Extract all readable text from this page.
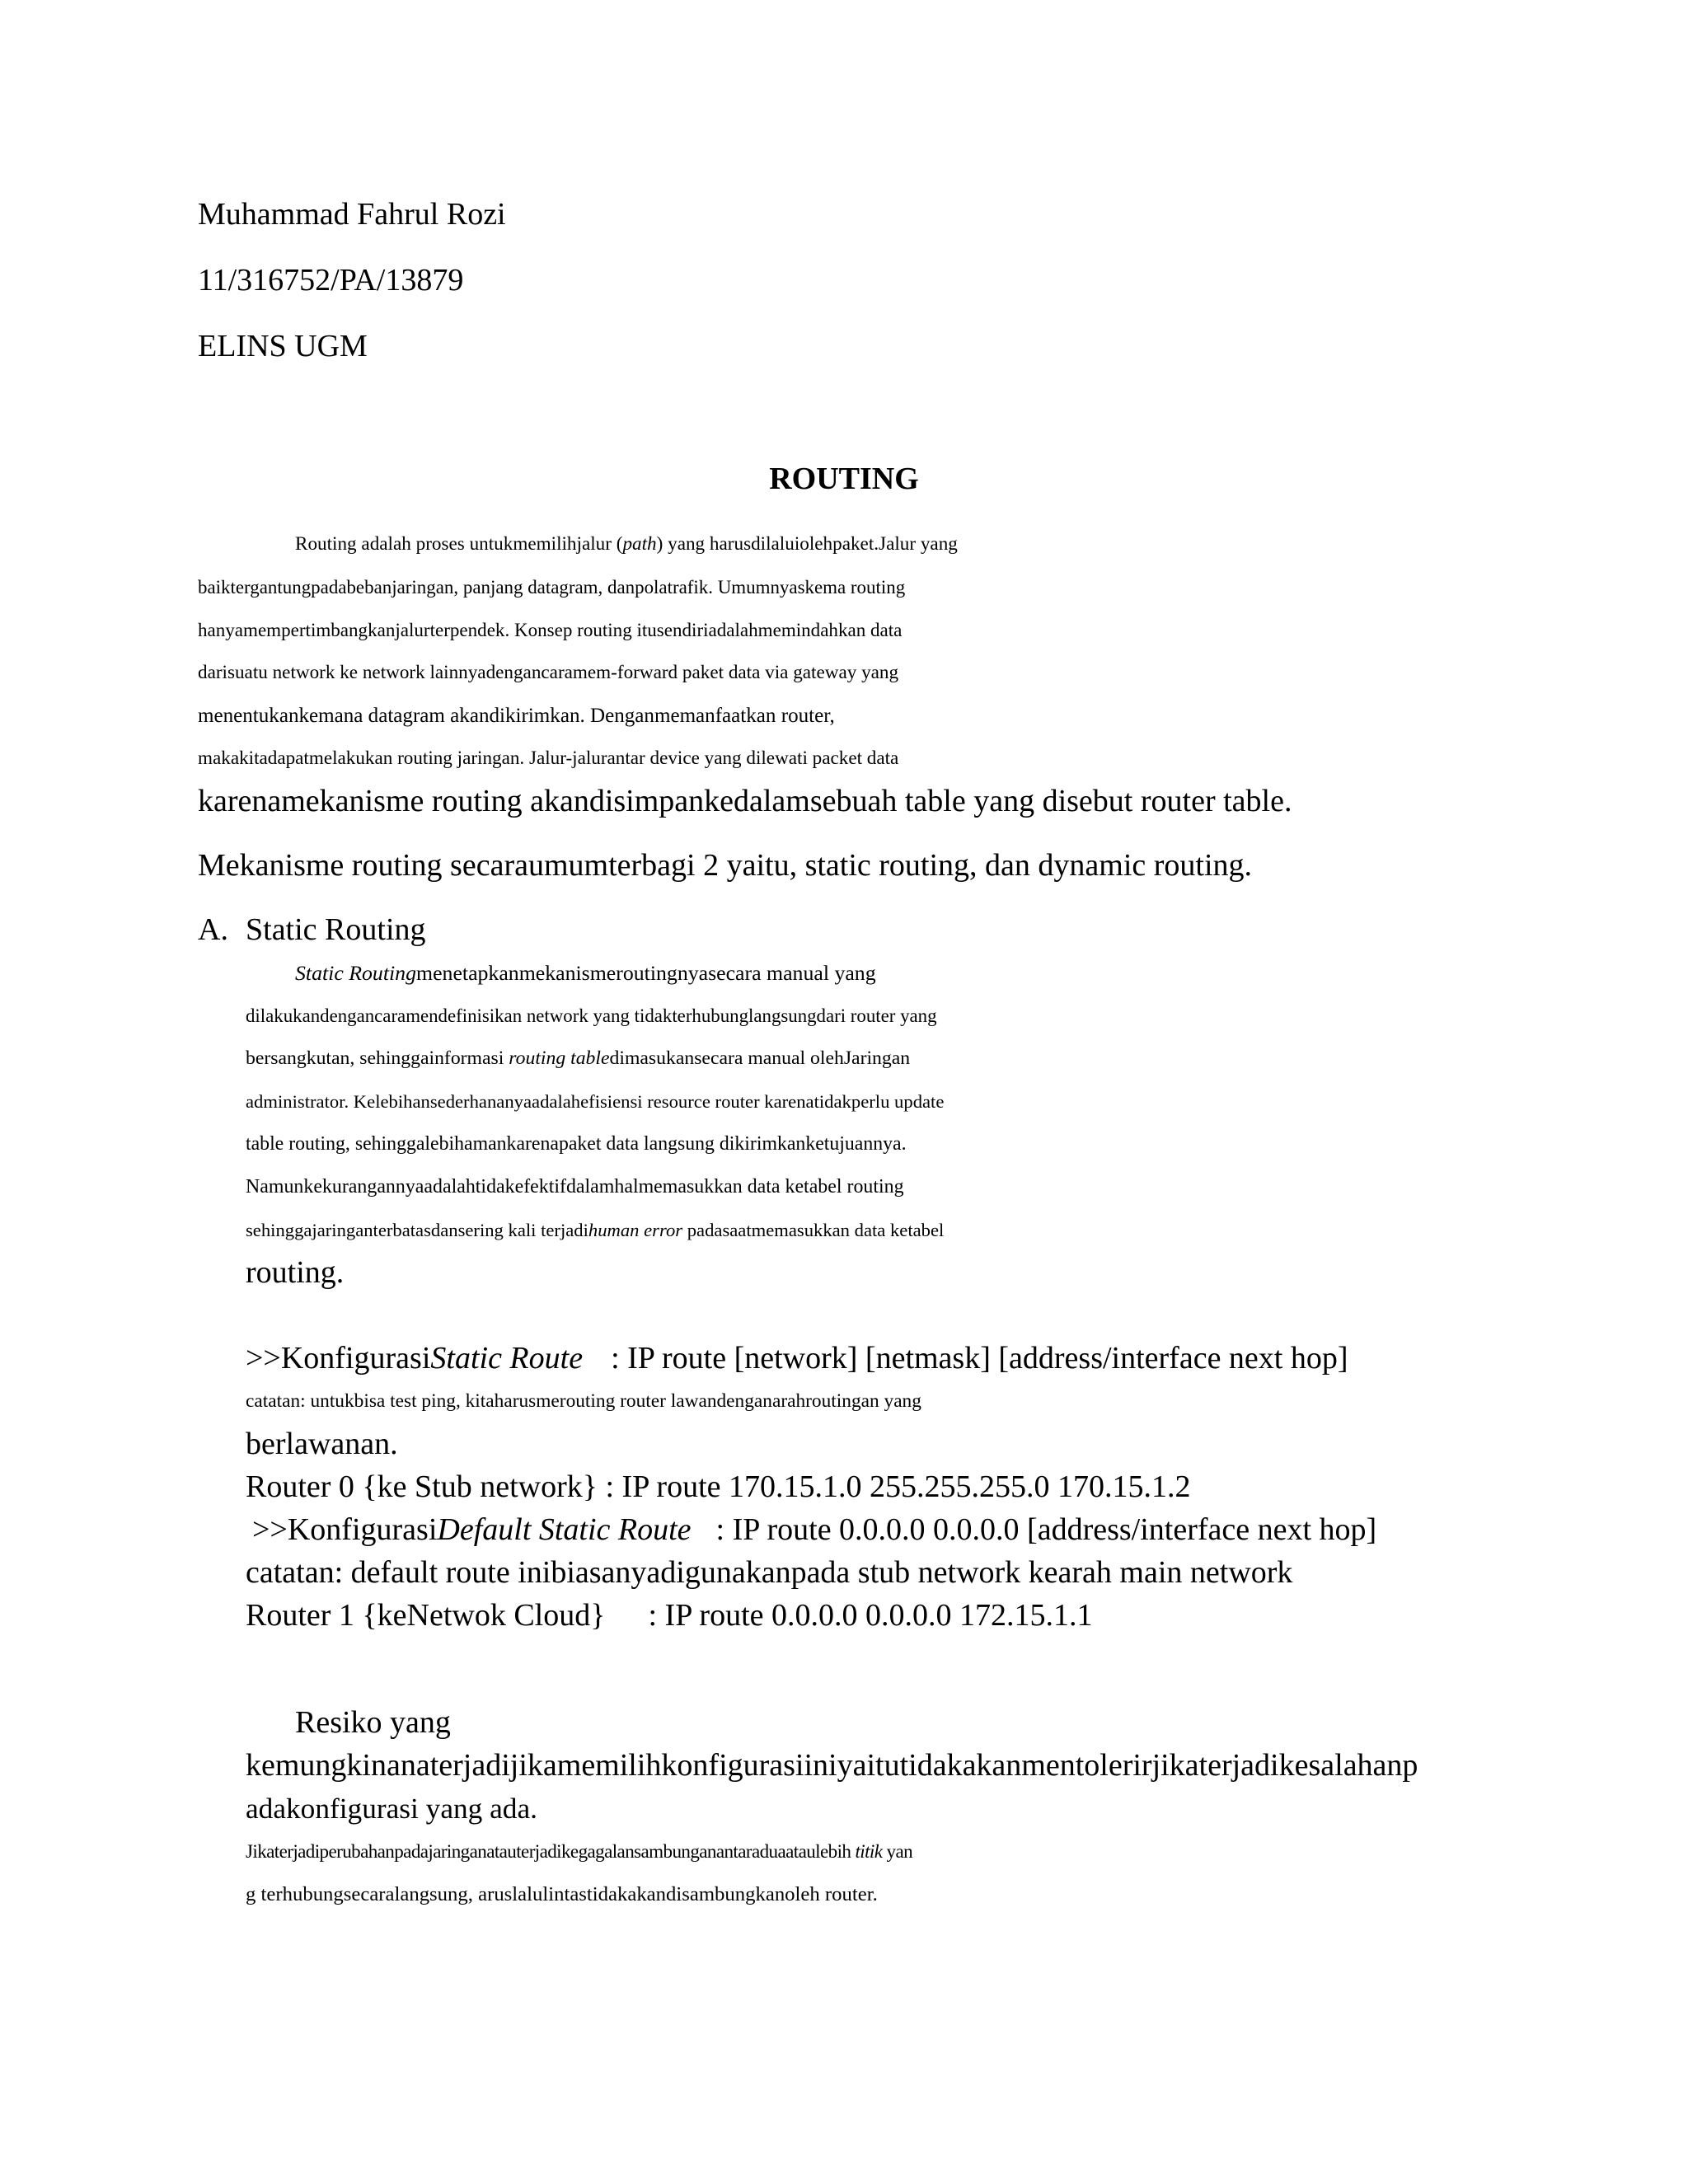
Muhammad Fahrul Rozi
11/316752/PA/13879
ELINS UGM
ROUTING
Routing adalah proses untukmemilihjalur (path) yang harusdilaluiolehpaket.Jalur yang
baiktergantungpadabebanjaringan, panjang datagram, danpolatrafik. Umumnyaskema routing
hanyamempertimbangkanjalurterpendek. Konsep routing itusendiriadalahmemindahkan data
darisuatu network ke network lainnyadengancaramem-forward paket data via gateway yang
menentukankemana datagram akandikirimkan. Denganmemanfaatkan router,
makakitadapatmelakukan routing jaringan. Jalur-jalurantar device yang dilewati packet data
karenamekanisme routing akandisimpankedalamsebuah table yang disebut router table.
Mekanisme routing secaraumumterbagi 2 yaitu, static routing, dan dynamic routing.
A. Static Routing
Static Routingmenetapkanmekanismeroutingnyasecara manual yang
dilakukandengancaramendefinisikan network yang tidakterhubunglangsungdari router yang
bersangkutan, sehinggainformasi routing tabledimasukansecara manual olehJaringan
administrator. Kelebihansederhananyaadalahefisiensi resource router karenatidakperlu update
table routing, sehinggalebihamankarenapaket data langsung dikirimkanketujuannya.
Namunkekurangannyaadalahtidakefektifdalamhalmemasukkan data ketabel routing
sehinggajaringanterbatasdansering kali terjadihuman error padasaatmemasukkan data ketabel
routing.
>>KonfigurasiStatic Route : IP route [network] [netmask] [address/interface next hop]
catatan: untukbisa test ping, kitaharusmerouting router lawandenganarahroutingan yang
berlawanan.
Router 0 {ke Stub network} : IP route 170.15.1.0 255.255.255.0 170.15.1.2
>>KonfigurasiDefault Static Route : IP route 0.0.0.0 0.0.0.0 [address/interface next hop]
catatan: default route inibiasanyadigunakanpada stub network kearah main network
Router 1 {keNetwok Cloud} : IP route 0.0.0.0 0.0.0.0 172.15.1.1
Resiko yang
kemungkinanaterjadijikamemilihkonfigurasiiniyaitutidakakanmentolerirjikaterjadikesalahanp
adakonfigurasi yang ada.
Jikaterjadiperubahanpadajaringanatauterjadikegagalansambunganantaraduaataulebih titik yan
g terhubungsecaralangsung, aruslalulintastidakakandisambungkanoleh router.
